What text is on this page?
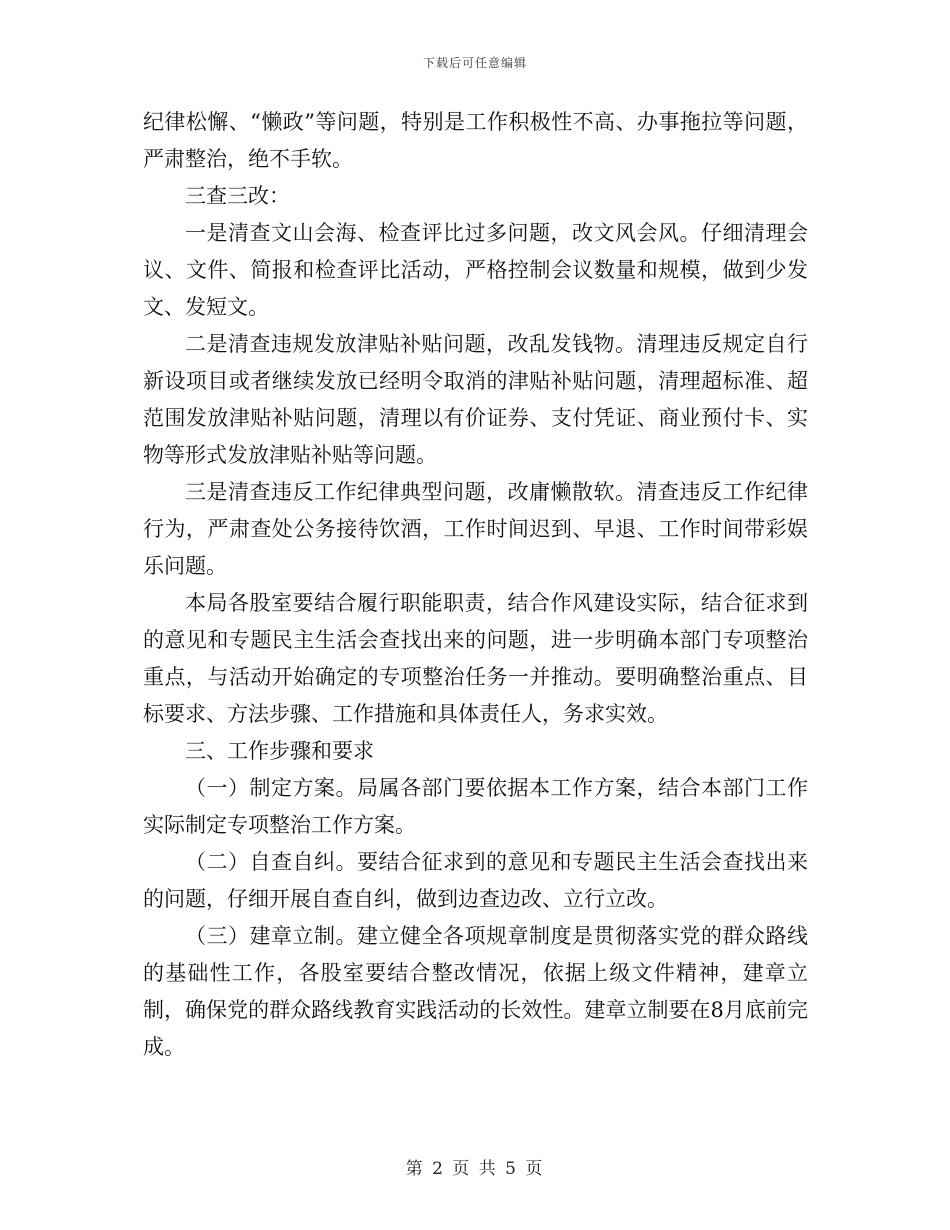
下载后可任意编辑

纪律松懈、“懒政”等问题，特别是工作积极性不高、办事拖拉等问题，严肃整治，绝不手软。

三查三改：

一是清查文山会海、检查评比过多问题，改文风会风。仔细清理会议、文件、简报和检查评比活动，严格控制会议数量和规模，做到少发文、发短文。

二是清查违规发放津贴补贴问题，改乱发钱物。清理违反规定自行新设项目或者继续发放已经明令取消的津贴补贴问题，清理超标准、超范围发放津贴补贴问题，清理以有价证券、支付凭证、商业预付卡、实物等形式发放津贴补贴等问题。

三是清查违反工作纪律典型问题，改庸懒散软。清查违反工作纪律行为，严肃查处公务接待饮酒，工作时间迟到、早退、工作时间带彩娱乐问题。

本局各股室要结合履行职能职责，结合作风建设实际，结合征求到的意见和专题民主生活会查找出来的问题，进一步明确本部门专项整治重点，与活动开始确定的专项整治任务一并推动。要明确整治重点、目标要求、方法步骤、工作措施和具体责任人，务求实效。

三、工作步骤和要求

（一）制定方案。局属各部门要依据本工作方案，结合本部门工作实际制定专项整治工作方案。

（二）自查自纠。要结合征求到的意见和专题民主生活会查找出来的问题，仔细开展自查自纠，做到边查边改、立行立改。

（三）建章立制。建立健全各项规章制度是贯彻落实党的群众路线的基础性工作，各股室要结合整改情况，依据上级文件精神，建章立制，确保党的群众路线教育实践活动的长效性。建章立制要在8月底前完成。

第 2 页 共 5 页
